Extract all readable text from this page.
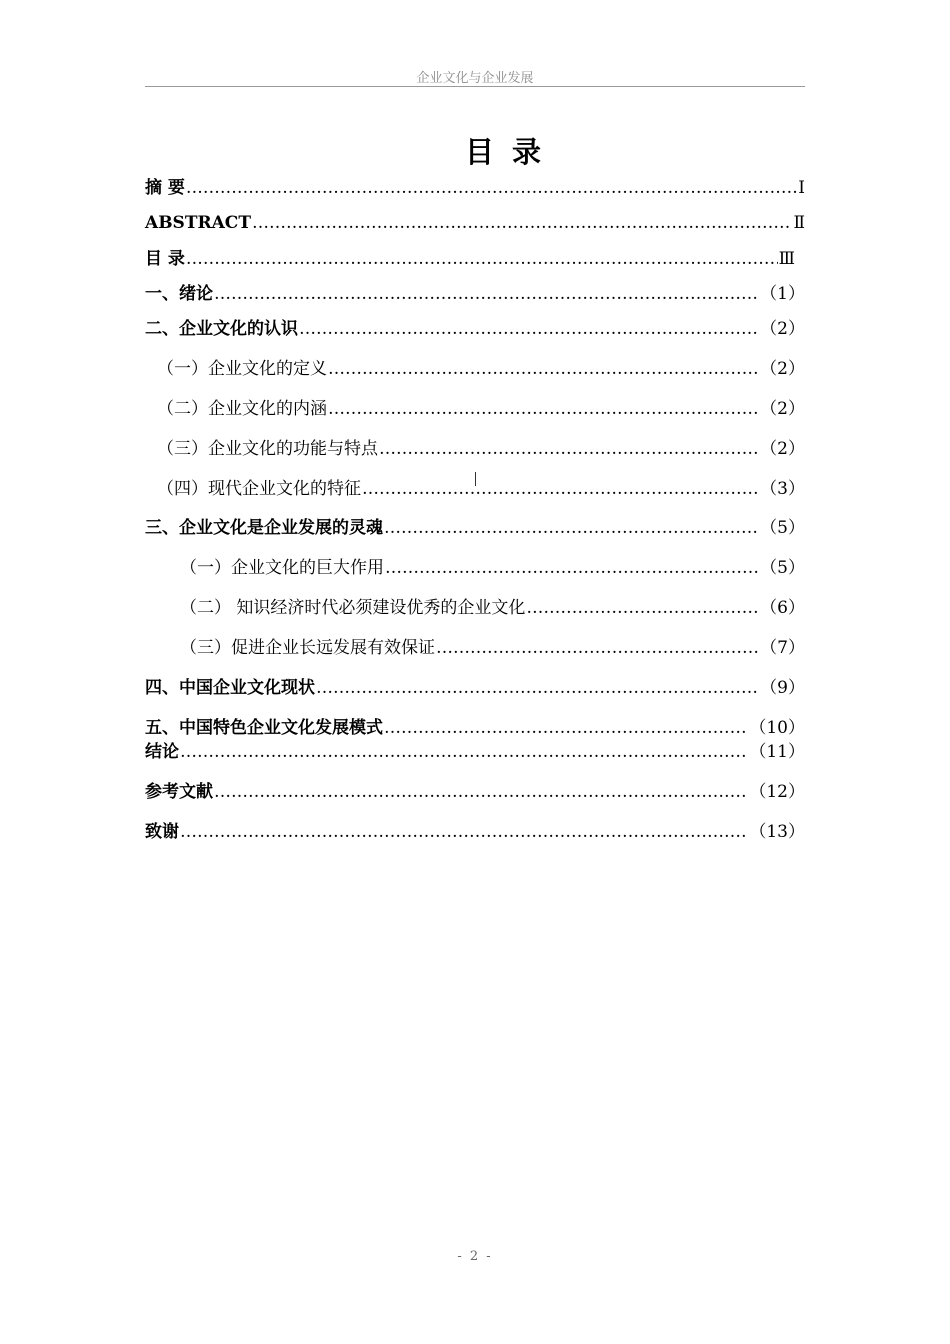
企业文化与企业发展
目 录
摘 要 ………………………………………………………………………………………………………………………………………………	Ⅰ
ABSTRACT ………………………………………………………………………………………………………………………………………………	Ⅱ
目 录 ………………………………………………………………………………………………………………………………………………	Ⅲ
一、绪论 ………………………………………………………………………………………………………………………………………………	（1）
二、企业文化的认识 ………………………………………………………………………………………………………………………………………………	（2）
（一）企业文化的定义 ………………………………………………………………………………………………………………………………………………	（2）
（二）企业文化的内涵 ………………………………………………………………………………………………………………………………………………	（2）
（三）企业文化的功能与特点 ………………………………………………………………………………………………………………………………………………	（2）
（四）现代企业文化的特征 ………………………………………………………………………………………………………………………………………………	（3）
三、企业文化是企业发展的灵魂 ………………………………………………………………………………………………………………………………………………	（5）
（一）企业文化的巨大作用 ………………………………………………………………………………………………………………………………………………	（5）
（二） 知识经济时代必须建设优秀的企业文化 ………………………………………………………………………………………………………………………………………………	（6）
（三）促进企业长远发展有效保证 ………………………………………………………………………………………………………………………………………………	（7）
四、中国企业文化现状 ………………………………………………………………………………………………………………………………………………	（9）
五、中国特色企业文化发展模式 ………………………………………………………………………………………………………………………………………………	（10）
结论 ………………………………………………………………………………………………………………………………………………	（11）
参考文献 ………………………………………………………………………………………………………………………………………………	（12）
致谢 ………………………………………………………………………………………………………………………………………………	（13）
- 2 -
